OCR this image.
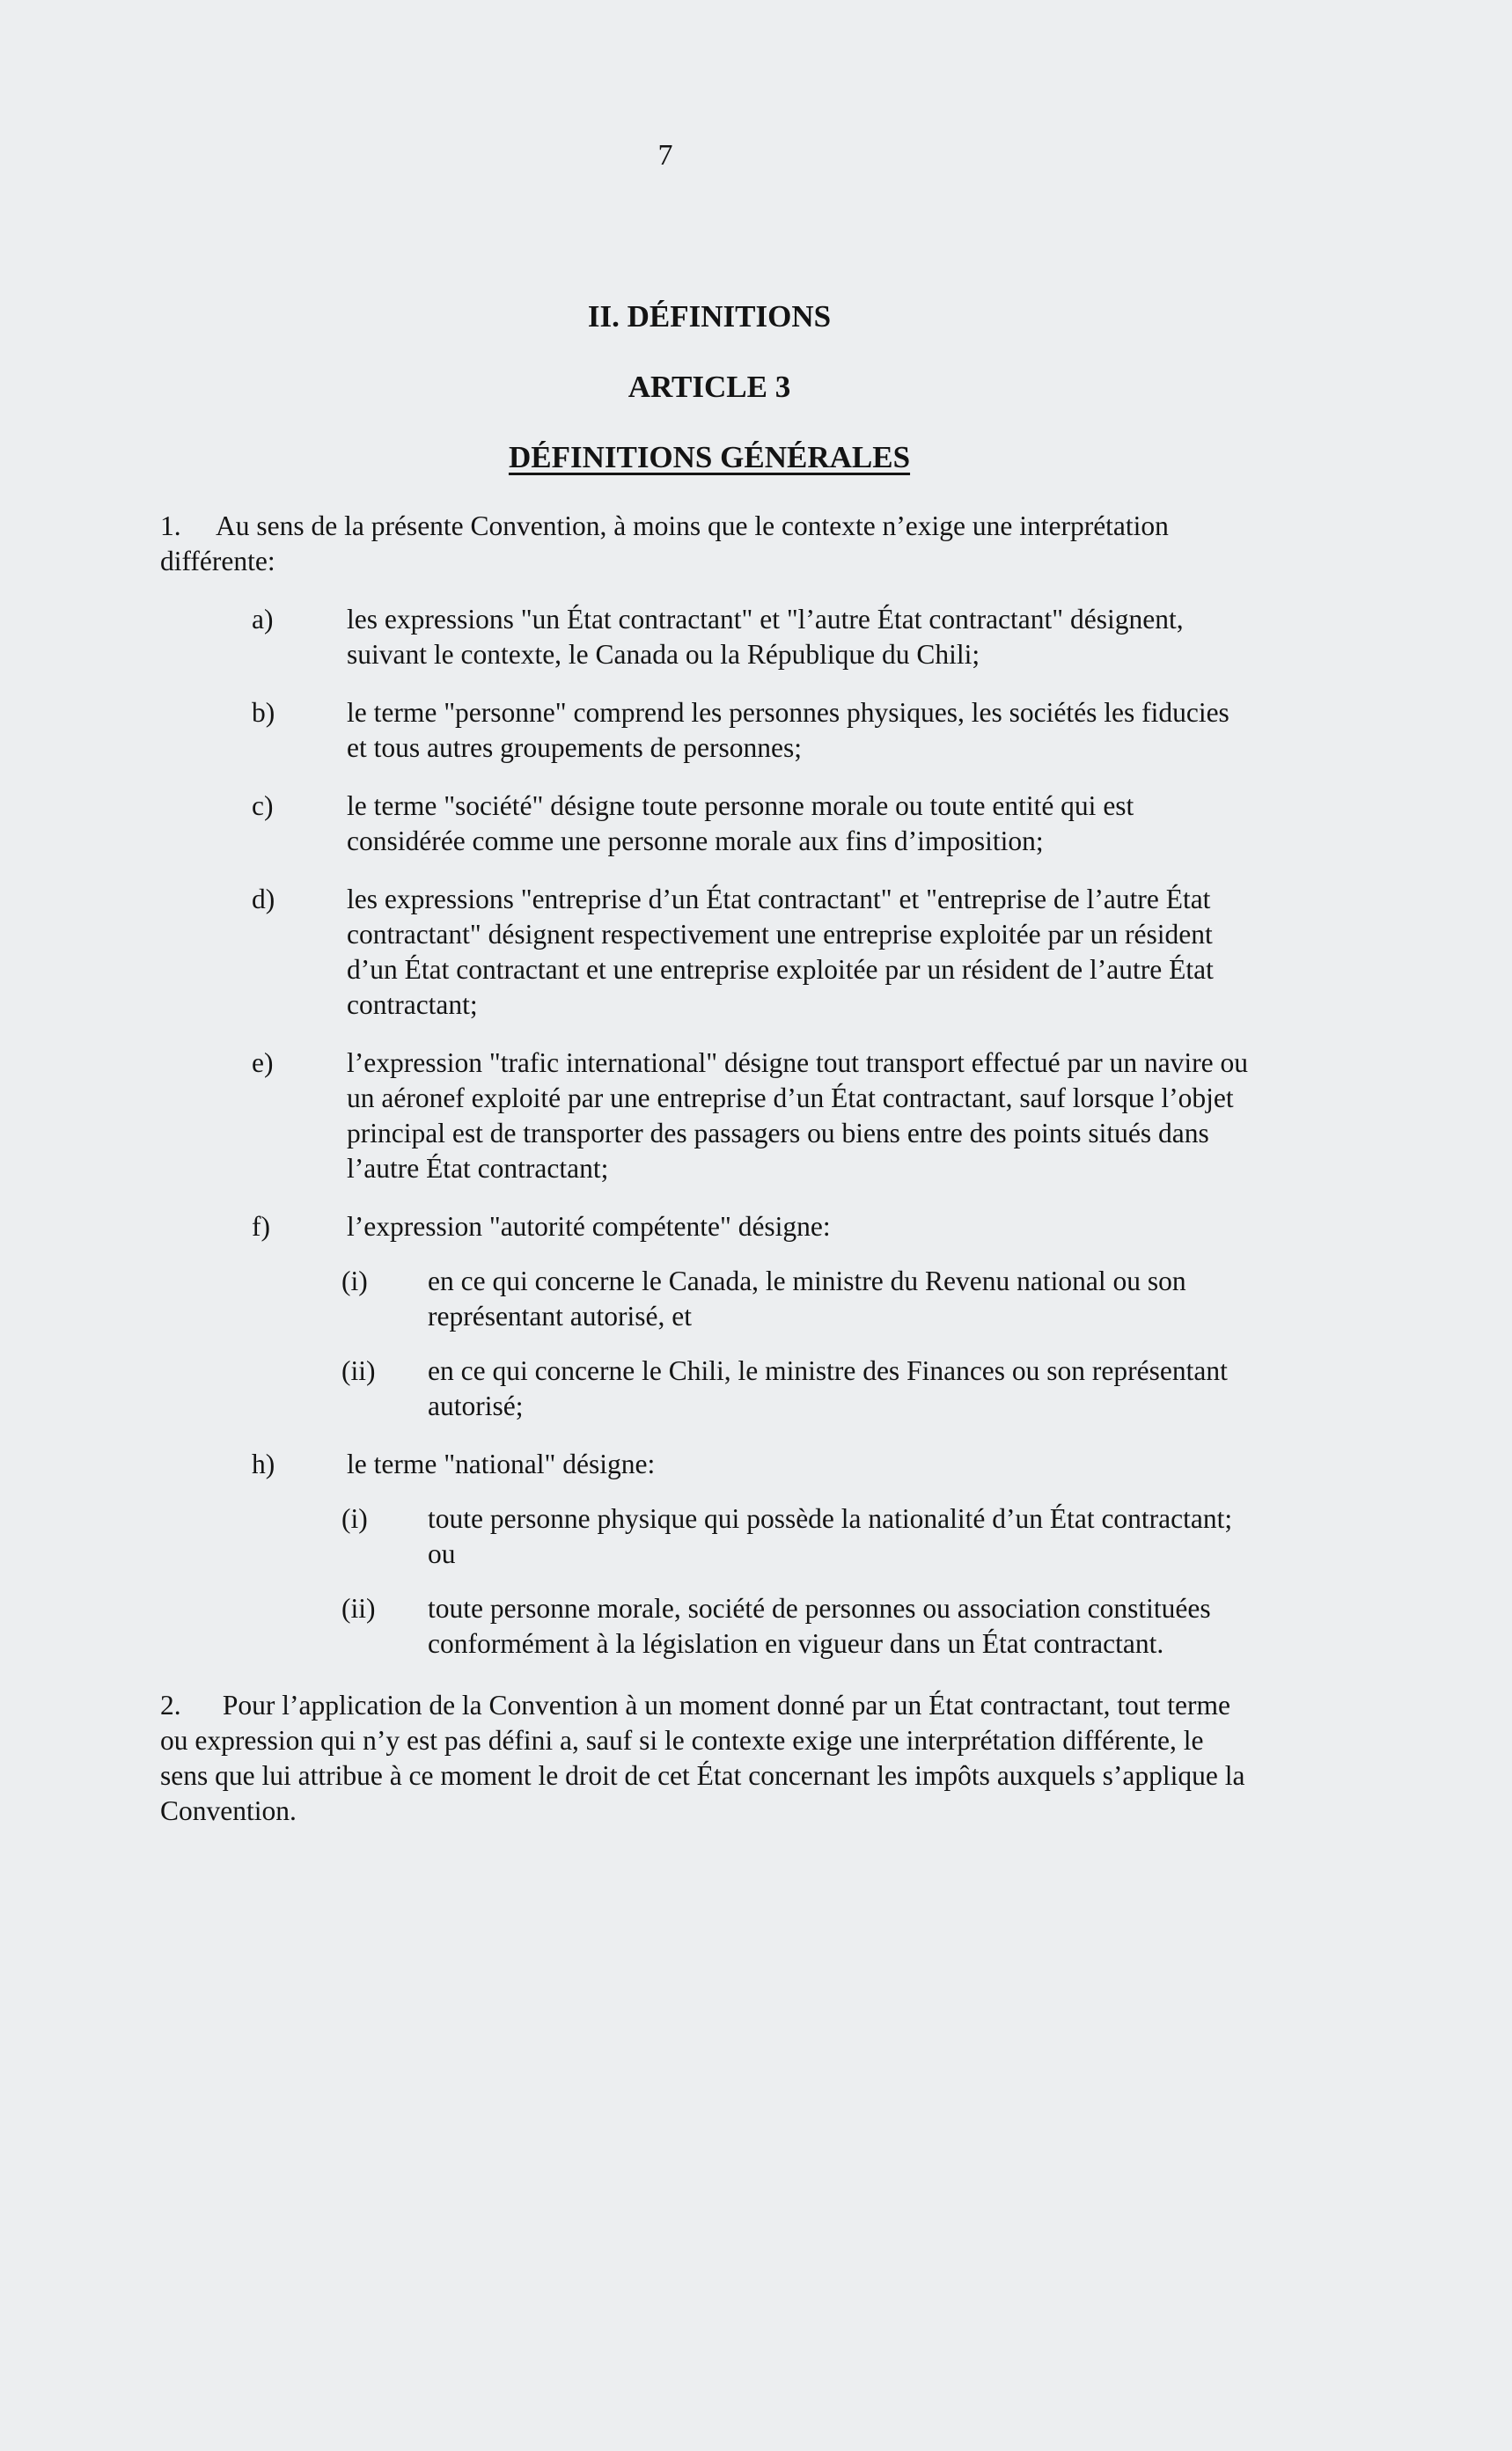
7
II. DÉFINITIONS
ARTICLE 3
DÉFINITIONS GÉNÉRALES
1. Au sens de la présente Convention, à moins que le contexte n’exige une interprétation différente:
a)	les expressions "un État contractant" et "l’autre État contractant" désignent, suivant le contexte, le Canada ou la République du Chili;
b)	le terme "personne" comprend les personnes physiques, les sociétés les fiducies et tous autres groupements de personnes;
c)	le terme "société" désigne toute personne morale ou toute entité qui est considérée comme une personne morale aux fins d’imposition;
d)	les expressions "entreprise d’un État contractant" et "entreprise de l’autre État contractant" désignent respectivement une entreprise exploitée par un résident d’un État contractant et une entreprise exploitée par un résident de l’autre État contractant;
e)	l’expression "trafic international" désigne tout transport effectué par un navire ou un aéronef exploité par une entreprise d’un État contractant, sauf lorsque l’objet principal est de transporter des passagers ou biens entre des points situés dans l’autre État contractant;
f)	l’expression "autorité compétente" désigne:
(i)	en ce qui concerne le Canada, le ministre du Revenu national ou son représentant autorisé, et
(ii)	en ce qui concerne le Chili, le ministre des Finances ou son représentant autorisé;
h)	le terme "national" désigne:
(i)	toute personne physique qui possède la nationalité d’un État contractant; ou
(ii)	toute personne morale, société de personnes ou association constituées conformément à la législation en vigueur dans un État contractant.
2. Pour l’application de la Convention à un moment donné par un État contractant, tout terme ou expression qui n’y est pas défini a, sauf si le contexte exige une interprétation différente, le sens que lui attribue à ce moment le droit de cet État concernant les impôts auxquels s’applique la Convention.
